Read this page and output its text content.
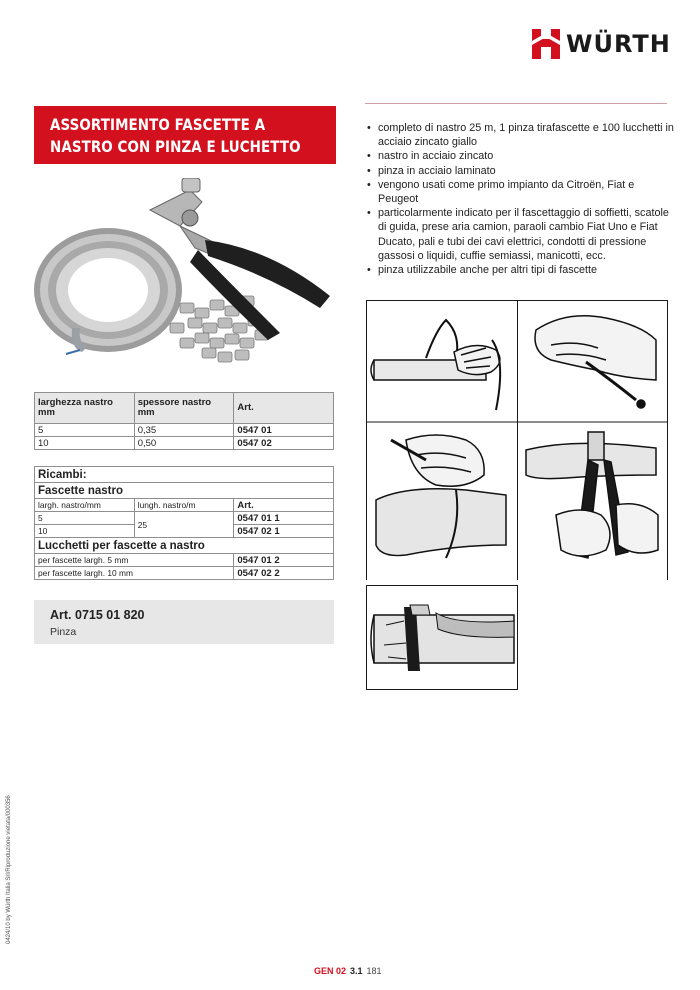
WÜRTH
ASSORTIMENTO FASCETTE A
NASTRO CON PINZA E LUCHETTO
• completo di nastro 25 m, 1 pinza tirafascette e 100 lucchetti in acciaio zincato giallo
• nastro in acciaio zincato
• pinza in acciaio laminato
• vengono usati come primo impianto da Citroën, Fiat e Peugeot
• particolarmente indicato per il fascettaggio di soffietti, scatole di guida, prese aria camion, paraoli cambio Fiat Uno e Fiat Ducato, pali e tubi dei cavi elettrici, condotti di pressione gassosi o liquidi, cuffie semiassi, manicotti, ecc.
• pinza utilizzabile anche per altri tipi di fascette
larghezza nastro mm	spessore nastro mm	Art.
5	0,35	0547 01
10	0,50	0547 02
Ricambi:		
Fascette nastro		
largh. nastro/mm	lungh. nastro/m	Art.
5	25	0547 01 1
10		0547 02 1
Lucchetti per fascette a nastro		
per fascette largh. 5 mm		0547 01 2
per fascette largh. 10 mm		0547 02 2

Art. 0715 01 820

Pinza

0424/10 by Würth Italia Srl/Riproduzione vietata/000356

GEN 02 3.1 181
